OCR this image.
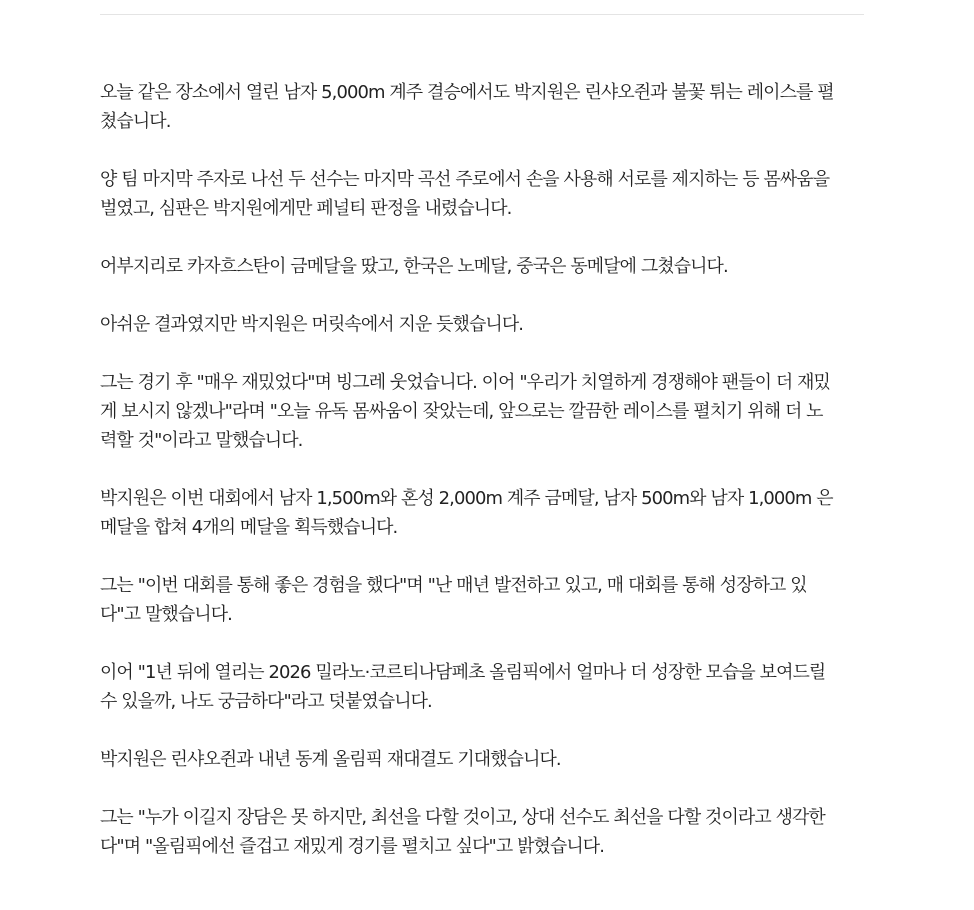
오늘 같은 장소에서 열린 남자 5,000m 계주 결승에서도 박지원은 린샤오쥔과 불꽃 튀는 레이스를 펼
쳤습니다.

양 팀 마지막 주자로 나선 두 선수는 마지막 곡선 주로에서 손을 사용해 서로를 제지하는 등 몸싸움을
벌였고, 심판은 박지원에게만 페널티 판정을 내렸습니다.

어부지리로 카자흐스탄이 금메달을 땄고, 한국은 노메달, 중국은 동메달에 그쳤습니다.

아쉬운 결과였지만 박지원은 머릿속에서 지운 듯했습니다.

그는 경기 후 "매우 재밌었다"며 빙그레 웃었습니다. 이어 "우리가 치열하게 경쟁해야 팬들이 더 재밌
게 보시지 않겠나"라며 "오늘 유독 몸싸움이 잦았는데, 앞으로는 깔끔한 레이스를 펼치기 위해 더 노
력할 것"이라고 말했습니다.

박지원은 이번 대회에서 남자 1,500m와 혼성 2,000m 계주 금메달, 남자 500m와 남자 1,000m 은
메달을 합쳐 4개의 메달을 획득했습니다.

그는 "이번 대회를 통해 좋은 경험을 했다"며 "난 매년 발전하고 있고, 매 대회를 통해 성장하고 있
다"고 말했습니다.

이어 "1년 뒤에 열리는 2026 밀라노·코르티나담페초 올림픽에서 얼마나 더 성장한 모습을 보여드릴
수 있을까, 나도 궁금하다"라고 덧붙였습니다.

박지원은 린샤오쥔과 내년 동계 올림픽 재대결도 기대했습니다.

그는 "누가 이길지 장담은 못 하지만, 최선을 다할 것이고, 상대 선수도 최선을 다할 것이라고 생각한
다"며 "올림픽에선 즐겁고 재밌게 경기를 펼치고 싶다"고 밝혔습니다.
